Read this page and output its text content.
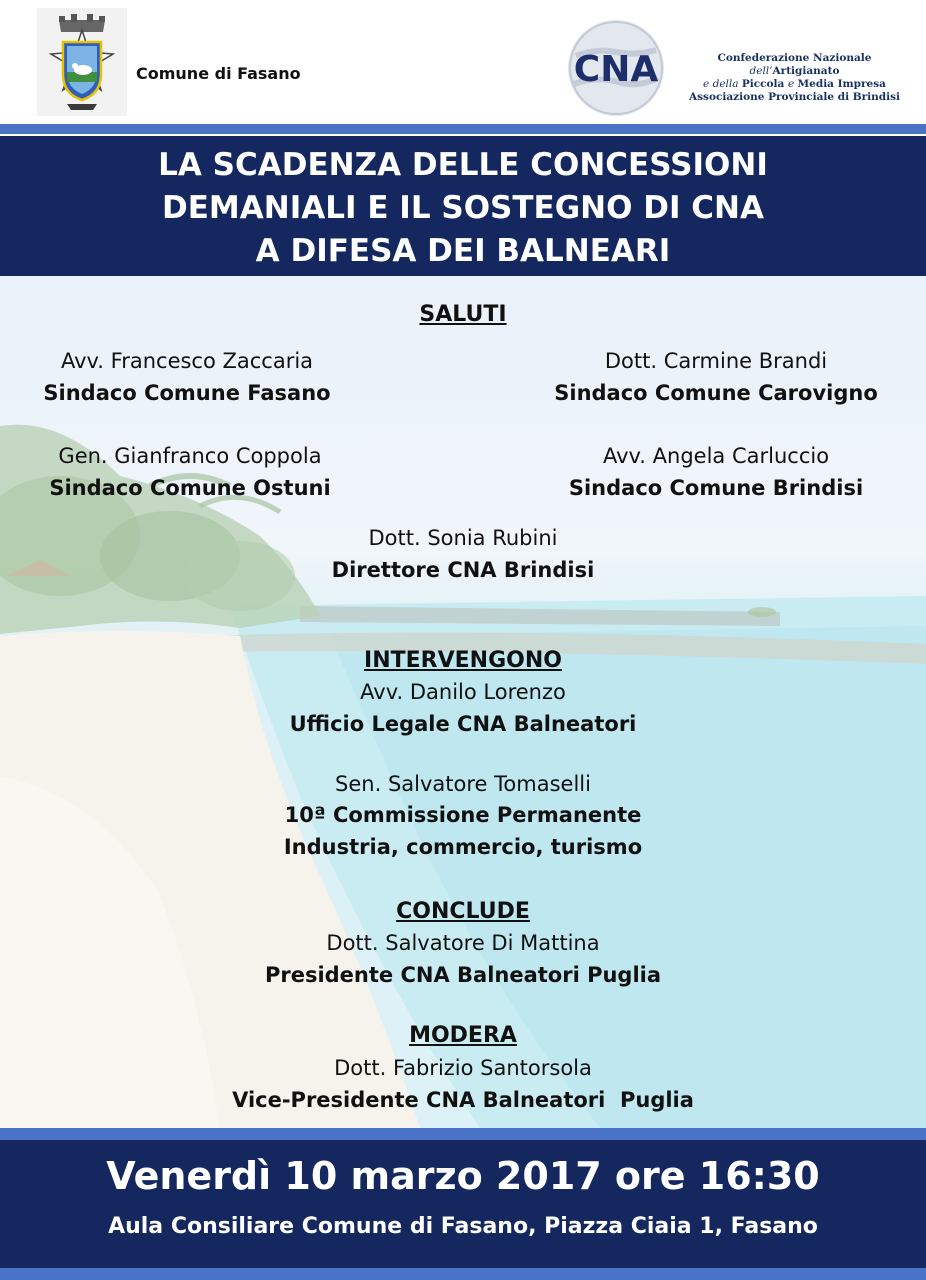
Comune di Fasano	CNA	Confederazione Nazionale dell’Artigianato
e della Piccola e Media Impresa
Associazione Provinciale di Brindisi
LA SCADENZA DELLE CONCESSIONI
DEMANIALI E IL SOSTEGNO DI CNA
A DIFESA DEI BALNEARI
SALUTI
Avv. Francesco Zaccaria
Sindaco Comune Fasano
Dott. Carmine Brandi
Sindaco Comune Carovigno
Gen. Gianfranco Coppola
Sindaco Comune Ostuni
Avv. Angela Carluccio
Sindaco Comune Brindisi
Dott. Sonia Rubini
Direttore CNA Brindisi
INTERVENGONO
Avv. Danilo Lorenzo
Ufficio Legale CNA Balneatori
Sen. Salvatore Tomaselli
10ª Commissione Permanente
Industria, commercio, turismo
CONCLUDE
Dott. Salvatore Di Mattina
Presidente CNA Balneatori Puglia
MODERA
Dott. Fabrizio Santorsola
Vice-Presidente CNA Balneatori  Puglia
Venerdì 10 marzo 2017 ore 16:30
Aula Consiliare Comune di Fasano, Piazza Ciaia 1, Fasano
